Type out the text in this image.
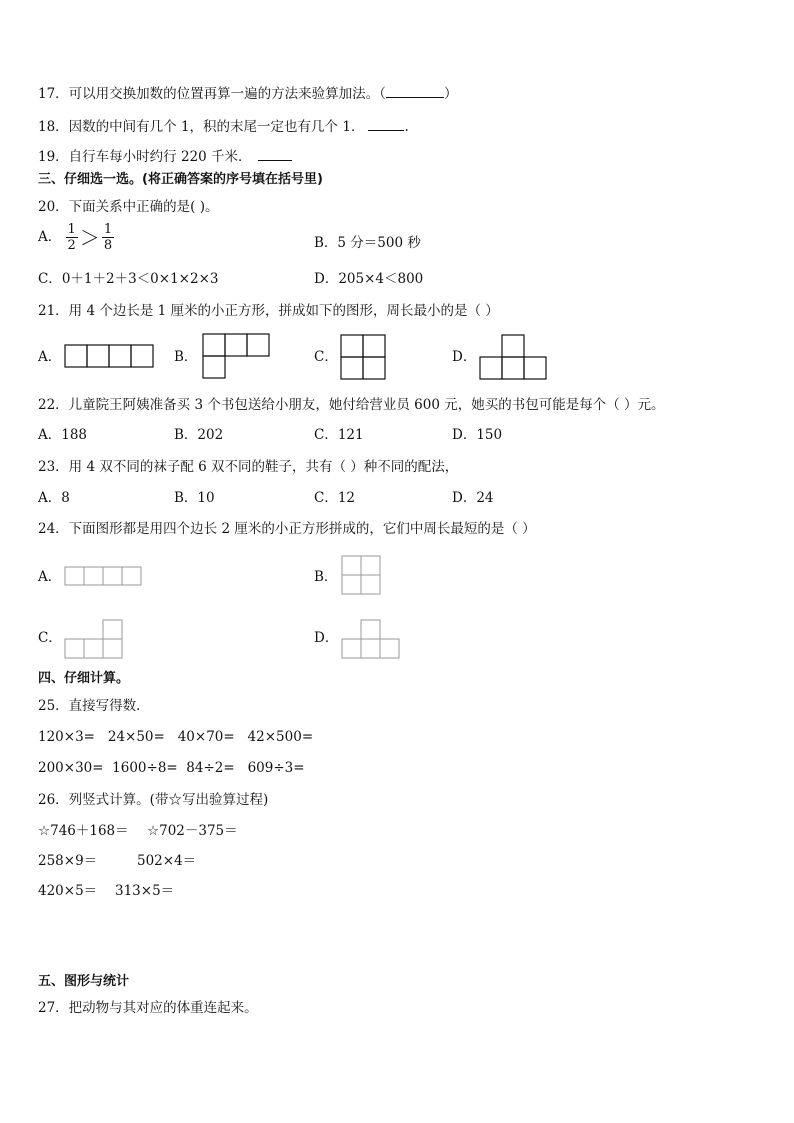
17．可以用交换加数的位置再算一遍的方法来验算加法。（	）
18．因数的中间有几个 1，积的末尾一定也有几个 1．	.
19．自行车每小时约行 220 千米．
三、仔细选一选。(将正确答案的序号填在括号里)
20．下面关系中正确的是( )。
A． $\frac{1}{2} > \frac{1}{8}$	B．5 分＝500 秒
C．0＋1＋2＋3＜0×1×2×3	D．205×4＜800
21．用 4 个边长是 1 厘米的小正方形，拼成如下的图形，周长最小的是（ ）
A．	B．	C．	D．
22．儿童院王阿姨准备买 3 个书包送给小朋友，她付给营业员 600 元，她买的书包可能是每个（ ）元。
A．188	B．202	C．121	D．150
23．用 4 双不同的袜子配 6 双不同的鞋子，共有（ ）种不同的配法，
A．8	B．10	C．12	D．24
24．下面图形都是用四个边长 2 厘米的小正方形拼成的，它们中周长最短的是（ ）
A．	B．
C．	D．
四、仔细计算。
25．直接写得数．
120×3=   24×50=   40×70=   42×500=
200×30=  1600÷8=  84÷2=   609÷3=
26．列竖式计算。(带☆写出验算过程)
☆746＋168＝ ☆702－375＝
258×9＝	502×4＝
420×5＝ 313×5＝
五、图形与统计
27．把动物与其对应的体重连起来。
